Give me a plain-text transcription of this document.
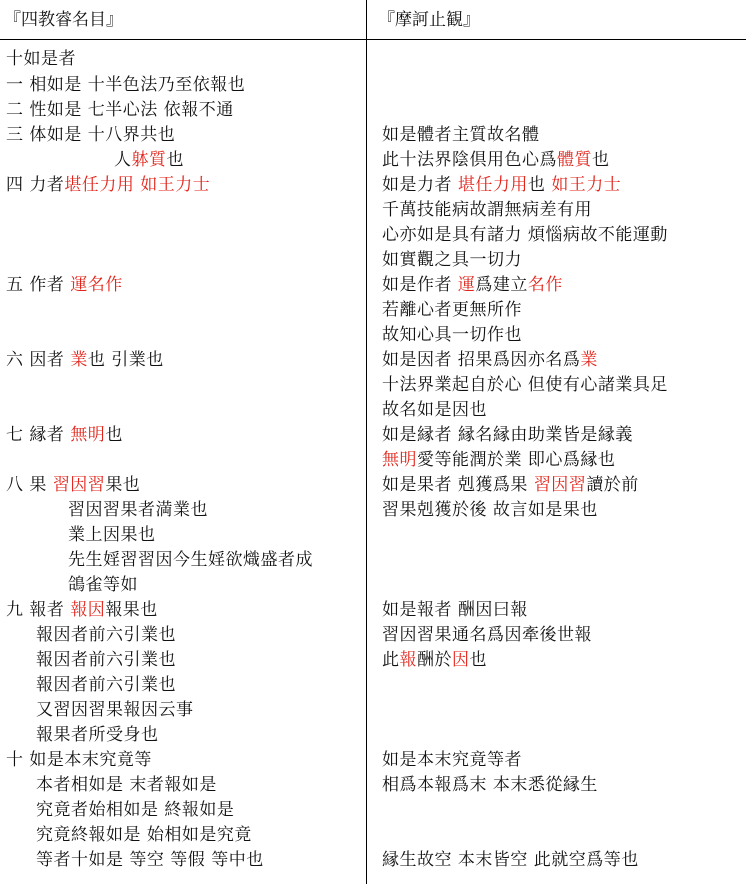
『四教睿名目』	『摩訶止観』
十如是者
一 相如是 十半色法乃至依報也
二 性如是 七半心法 依報不通
三 体如是 十八界共也
人躰質也
四 力者堪任力用 如王力士
五 作者 運名作
六 因者 業也 引業也
七 縁者 無明也
八 果 習因習果也
習因習果者満業也
業上因果也
先生婬習習因今生婬欲熾盛者成
鴿雀等如
九 報者 報因報果也
報因者前六引業也
報因者前六引業也
報因者前六引業也
又習因習果報因云事
報果者所受身也
十 如是本末究竟等
本者相如是 末者報如是
究竟者始相如是 終報如是
究竟終報如是 始相如是究竟
等者十如是 等空 等假 等中也
如是體者主質故名體
此十法界陰倶用色心爲體質也
如是力者 堪任力用也 如王力士
千萬技能病故謂無病差有用
心亦如是具有諸力 煩惱病故不能運動
如實觀之具一切力
如是作者 運爲建立名作
若離心者更無所作
故知心具一切作也
如是因者 招果爲因亦名爲業
十法界業起自於心 但使有心諸業具足
故名如是因也
如是縁者 縁名縁由助業皆是縁義
無明愛等能潤於業 即心爲縁也
如是果者 剋獲爲果 習因習讀於前
習果剋獲於後 故言如是果也
如是報者 酬因曰報
習因習果通名爲因牽後世報
此報酬於因也
如是本末究竟等者
相爲本報爲末 本末悉從縁生
縁生故空 本末皆空 此就空爲等也
